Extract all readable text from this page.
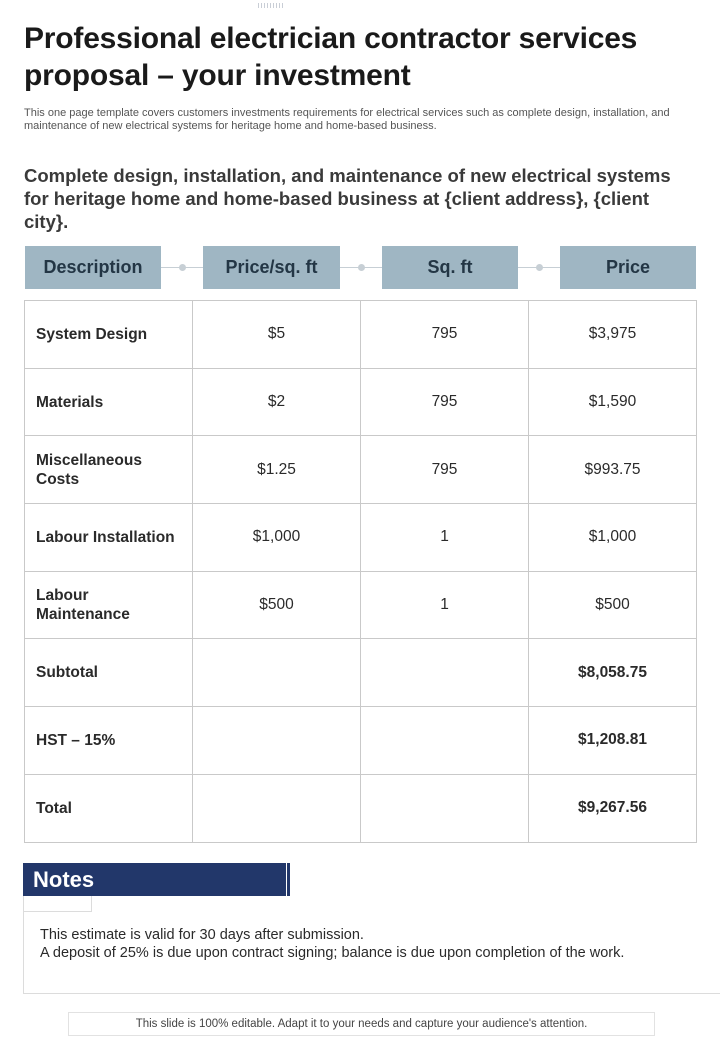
Professional electrician contractor services proposal – your investment

This one page template covers customers investments requirements for electrical services such as complete design, installation, and maintenance of new electrical systems for heritage home and home-based business.

Complete design, installation, and maintenance of new electrical systems for heritage home and home-based business at {client address}, {client city}.

Description	Price/sq. ft	Sq. ft	Price
System Design	$5	795	$3,975
Materials	$2	795	$1,590
Miscellaneous
Costs	$1.25	795	$993.75
Labour Installation	$1,000	1	$1,000
Labour
Maintenance	$500	1	$500
Subtotal			$8,058.75
HST – 15%			$1,208.81
Total			$9,267.56
Notes
This estimate is valid for 30 days after submission.
A deposit of 25% is due upon contract signing; balance is due upon completion of the work.
This slide is 100% editable. Adapt it to your needs and capture your audience's attention.
